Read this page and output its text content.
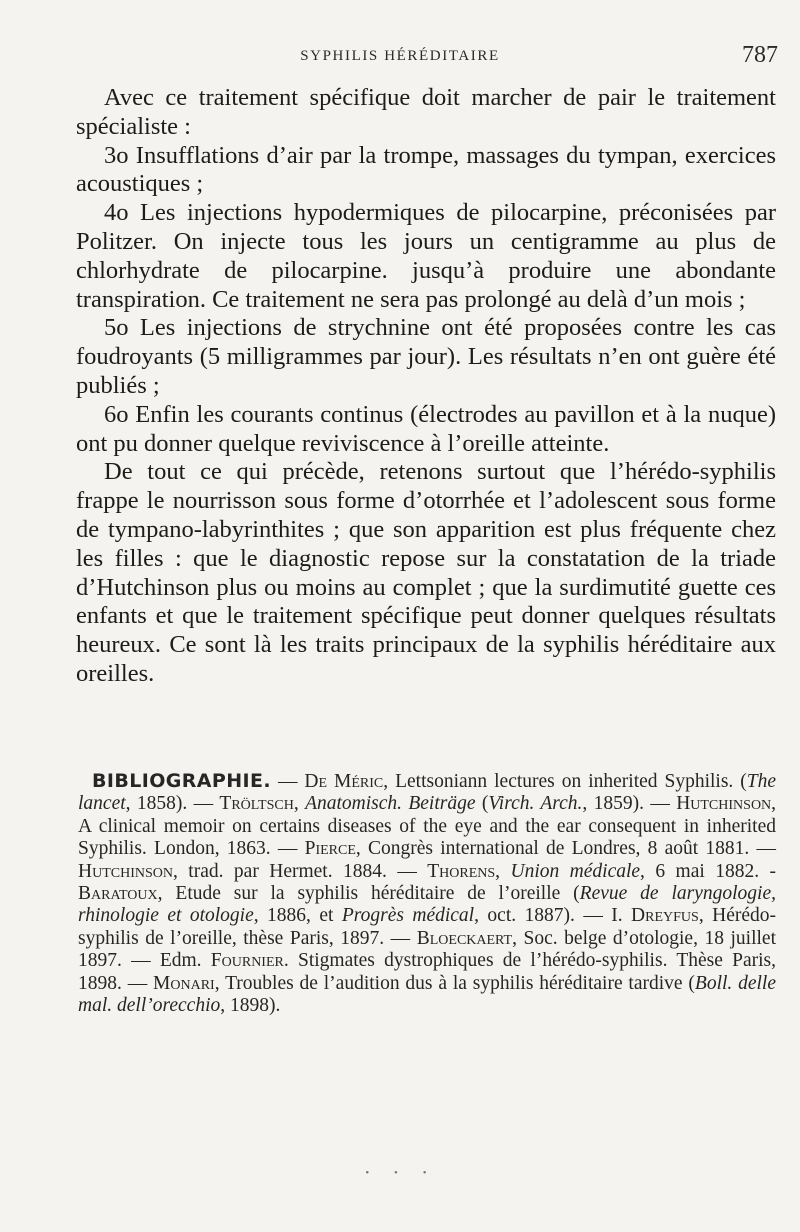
SYPHILIS HÉRÉDITAIRE	787

Avec ce traitement spécifique doit marcher de pair le traitement spécialiste :

3o Insufflations d’air par la trompe, massages du tympan, exercices acoustiques ;

4o Les injections hypodermiques de pilocarpine, préconisées par Politzer. On injecte tous les jours un centigramme au plus de chlorhydrate de pilocarpine. jusqu’à produire une abondante transpiration. Ce traitement ne sera pas prolongé au delà d’un mois ;

5o Les injections de strychnine ont été proposées contre les cas foudroyants (5 milligrammes par jour). Les résultats n’en ont guère été publiés ;

6o Enfin les courants continus (électrodes au pavillon et à la nuque) ont pu donner quelque reviviscence à l’oreille atteinte.

De tout ce qui précède, retenons surtout que l’hérédo-syphilis frappe le nourrisson sous forme d’otorrhée et l’adolescent sous forme de tympano-labyrinthites ; que son apparition est plus fréquente chez les filles : que le diagnostic repose sur la constatation de la triade d’Hutchinson plus ou moins au complet ; que la surdimutité guette ces enfants et que le traitement spécifique peut donner quelques résultats heureux. Ce sont là les traits principaux de la syphilis héréditaire aux oreilles.

BIBLIOGRAPHIE. — De Méric, Lettsoniann lectures on inherited Syphilis. (The lancet, 1858). — Tröltsch, Anatomisch. Beiträge (Virch. Arch., 1859). — Hutchinson, A clinical memoir on certains diseases of the eye and the ear consequent in inherited Syphilis. London, 1863. — Pierce, Congrès international de Londres, 8 août 1881. — Hutchinson, trad. par Hermet. 1884. — Thorens, Union médicale, 6 mai 1882. - Baratoux, Etude sur la syphilis héréditaire de l’oreille (Revue de laryngologie, rhinologie et otologie, 1886, et Progrès médical, oct. 1887). — I. Dreyfus, Hérédo-syphilis de l’oreille, thèse Paris, 1897. — Bloeckaert, Soc. belge d’otologie, 18 juillet 1897. — Edm. Fournier. Stigmates dystrophiques de l’hérédo-syphilis. Thèse Paris, 1898. — Monari, Troubles de l’audition dus à la syphilis héréditaire tardive (Boll. delle mal. dell’orecchio, 1898).

· · ·
